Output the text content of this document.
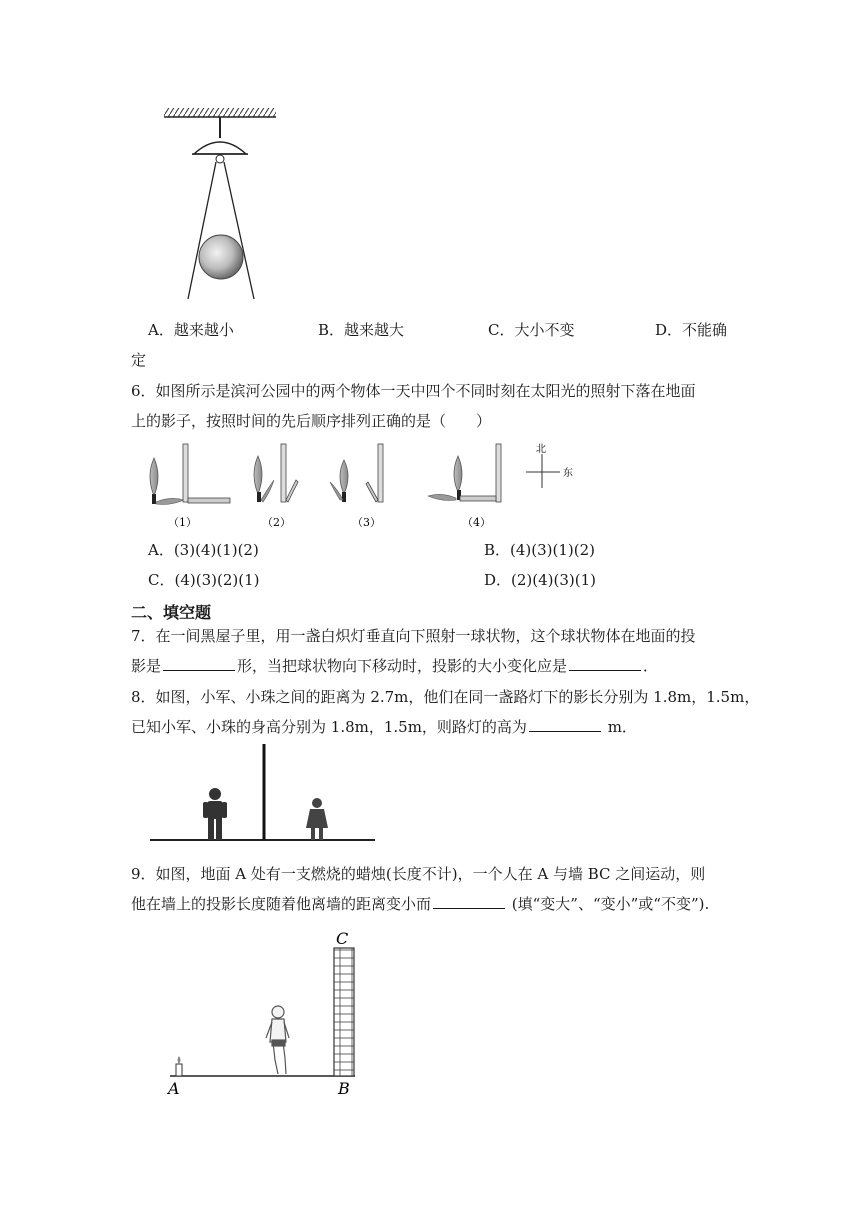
A．越来越小	B．越来越大	C．大小不变	D．不能确
定
6．如图所示是滨河公园中的两个物体一天中四个不同时刻在太阳光的照射下落在地面
上的影子，按照时间的先后顺序排列正确的是（　　）
（1）	（2）	（3）	（4）
北
东
A．(3)(4)(1)(2)	B．(4)(3)(1)(2)
C．(4)(3)(2)(1)	D．(2)(4)(3)(1)
二、填空题
7．在一间黑屋子里，用一盏白炽灯垂直向下照射一球状物，这个球状物体在地面的投
影是	形，当把球状物向下移动时，投影的大小变化应是	．
8．如图，小军、小珠之间的距离为 2.7m，他们在同一盏路灯下的影长分别为 1.8m，1.5m，
已知小军、小珠的身高分别为 1.8m，1.5m，则路灯的高为	m．
9．如图，地面 A 处有一支燃烧的蜡烛(长度不计)，一个人在 A 与墙 BC 之间运动，则
他在墙上的投影长度随着他离墙的距离变小而	(填“变大”、“变小”或“不变”).
A	B
C
